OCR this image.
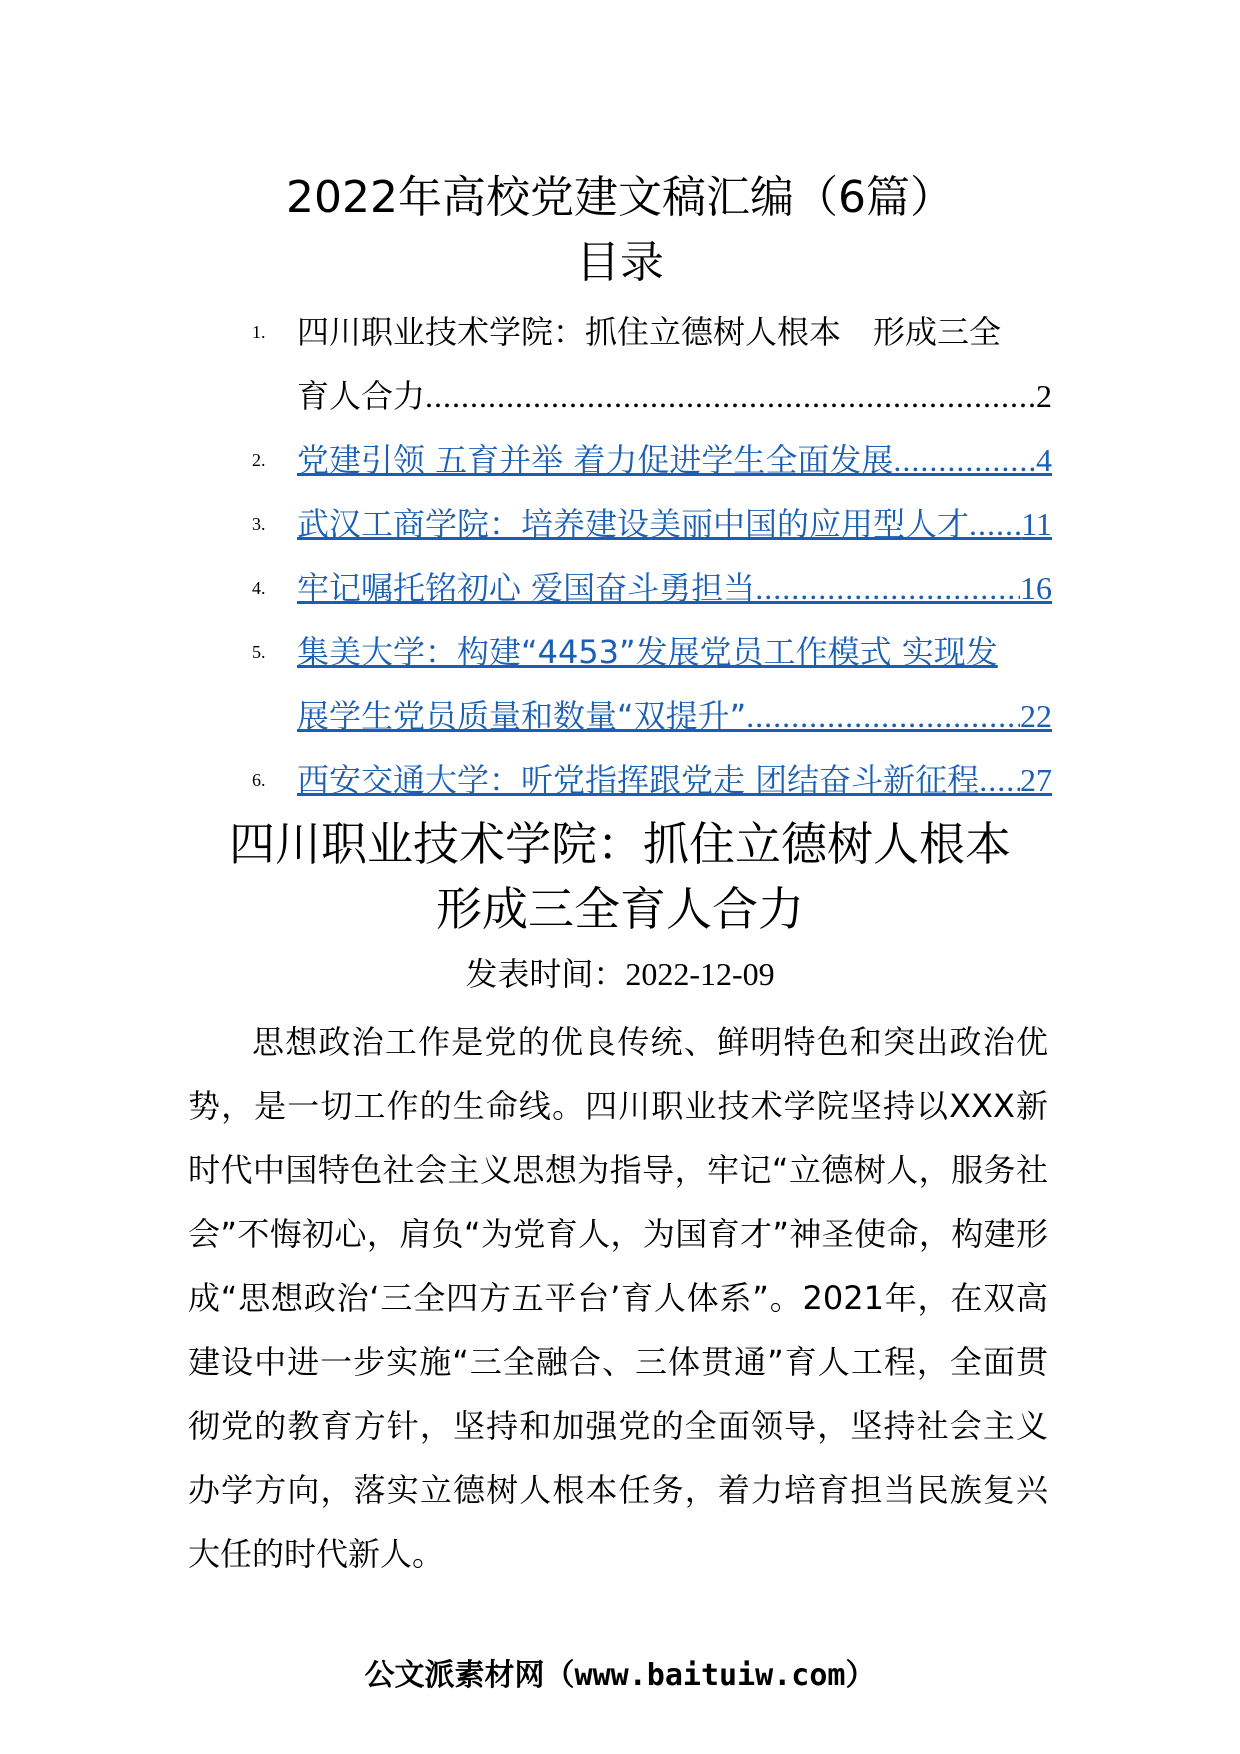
2022年高校党建文稿汇编（6篇）
目录
1. 四川职业技术学院：抓住立德树人根本　形成三全
育人合力 .....	2
2. 党建引领 五育并举 着力促进学生全面发展 .....	4
3. 武汉工商学院：培养建设美丽中国的应用型人才 ..... 11
4. 牢记嘱托铭初心 爱国奋斗勇担当 .....	16
5. 集美大学：构建“4453”发展党员工作模式 实现发
展学生党员质量和数量“双提升” .....	22
6. 西安交通大学：听党指挥跟党走 团结奋斗新征程 ..... 27
四川职业技术学院：抓住立德树人根本
形成三全育人合力
发表时间：2022-12-09

思想政治工作是党的优良传统、鲜明特色和突出政治优势，是一切工作的生命线。四川职业技术学院坚持以XXX新时代中国特色社会主义思想为指导，牢记“立德树人，服务社会”不悔初心，肩负“为党育人，为国育才”神圣使命，构建形成“思想政治‘三全四方五平台’育人体系”。2021年，在双高建设中进一步实施“三全融合、三体贯通”育人工程，全面贯彻党的教育方针，坚持和加强党的全面领导，坚持社会主义办学方向，落实立德树人根本任务，着力培育担当民族复兴大任的时代新人。

公文派素材网（www.baituiw.com）
